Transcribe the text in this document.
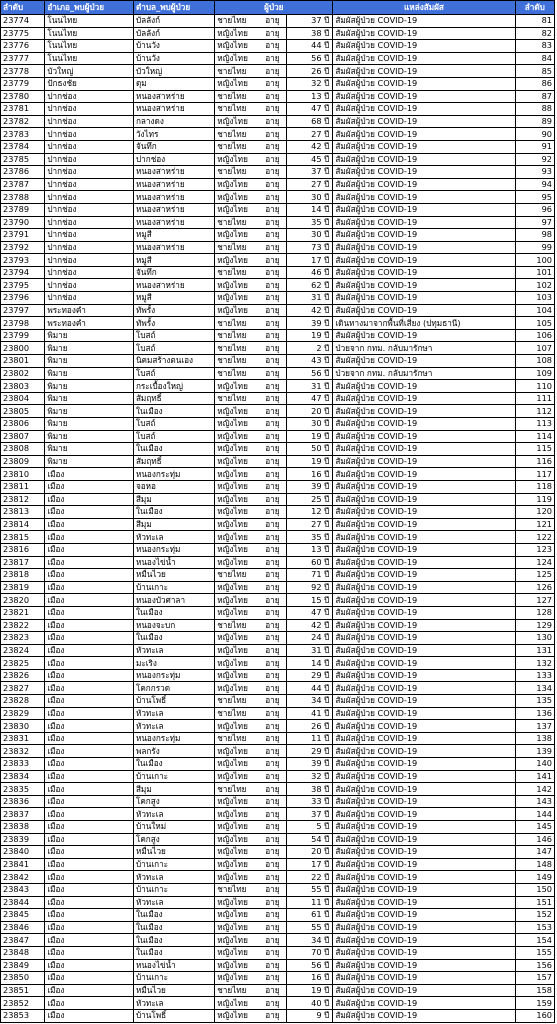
ลำดับ	อำเภอ_พบผู้ป่วย	ตำบล_พบผู้ป่วย	ผู้ป่วย		แหล่งสัมผัส	ลำดับ
23774	โนนไทย	บัลลังก์	ชายไทย อายุ	37 ปี	สัมผัสผู้ป่วย COVID-19	81
23775	โนนไทย	บัลลังก์	หญิงไทย อายุ	38 ปี	สัมผัสผู้ป่วย COVID-19	82
23776	โนนไทย	บ้านวัง	หญิงไทย อายุ	44 ปี	สัมผัสผู้ป่วย COVID-19	83
23777	โนนไทย	บ้านวัง	หญิงไทย อายุ	56 ปี	สัมผัสผู้ป่วย COVID-19	84
23778	บัวใหญ่	บัวใหญ่	ชายไทย อายุ	26 ปี	สัมผัสผู้ป่วย COVID-19	85
23779	ปักธงชัย	ดุม	หญิงไทย อายุ	32 ปี	สัมผัสผู้ป่วย COVID-19	86
23780	ปากช่อง	หนองสาหร่าย	ชายไทย อายุ	13 ปี	สัมผัสผู้ป่วย COVID-19	87
23781	ปากช่อง	หนองสาหร่าย	ชายไทย อายุ	47 ปี	สัมผัสผู้ป่วย COVID-19	88
23782	ปากช่อง	กลางดง	หญิงไทย อายุ	68 ปี	สัมผัสผู้ป่วย COVID-19	89
23783	ปากช่อง	วังไทร	ชายไทย อายุ	27 ปี	สัมผัสผู้ป่วย COVID-19	90
23784	ปากช่อง	จันทึก	ชายไทย อายุ	42 ปี	สัมผัสผู้ป่วย COVID-19	91
23785	ปากช่อง	ปากช่อง	หญิงไทย อายุ	45 ปี	สัมผัสผู้ป่วย COVID-19	92
23786	ปากช่อง	หนองสาหร่าย	ชายไทย อายุ	37 ปี	สัมผัสผู้ป่วย COVID-19	93
23787	ปากช่อง	หนองสาหร่าย	หญิงไทย อายุ	27 ปี	สัมผัสผู้ป่วย COVID-19	94
23788	ปากช่อง	หนองสาหร่าย	หญิงไทย อายุ	30 ปี	สัมผัสผู้ป่วย COVID-19	95
23789	ปากช่อง	หนองสาหร่าย	หญิงไทย อายุ	14 ปี	สัมผัสผู้ป่วย COVID-19	96
23790	ปากช่อง	หนองสาหร่าย	ชายไทย อายุ	35 ปี	สัมผัสผู้ป่วย COVID-19	97
23791	ปากช่อง	หมูสี	หญิงไทย อายุ	30 ปี	สัมผัสผู้ป่วย COVID-19	98
23792	ปากช่อง	หนองสาหร่าย	ชายไทย อายุ	73 ปี	สัมผัสผู้ป่วย COVID-19	99
23793	ปากช่อง	หมูสี	หญิงไทย อายุ	17 ปี	สัมผัสผู้ป่วย COVID-19	100
23794	ปากช่อง	จันทึก	ชายไทย อายุ	46 ปี	สัมผัสผู้ป่วย COVID-19	101
23795	ปากช่อง	หนองสาหร่าย	หญิงไทย อายุ	62 ปี	สัมผัสผู้ป่วย COVID-19	102
23796	ปากช่อง	หมูสี	หญิงไทย อายุ	31 ปี	สัมผัสผู้ป่วย COVID-19	103
23797	พระทองคำ	ทัพรั้ง	หญิงไทย อายุ	42 ปี	สัมผัสผู้ป่วย COVID-19	104
23798	พระทองคำ	ทัพรั้ง	ชายไทย อายุ	39 ปี	เดินทางมาจากพื้นที่เสี่ยง (ปทุมธานี)	105
23799	พิมาย	โบสถ์	ชายไทย อายุ	19 ปี	สัมผัสผู้ป่วย COVID-19	106
23800	พิมาย	โบสถ์	ชายไทย อายุ	2 ปี	ป่วยจาก กทม. กลับมารักษา	107
23801	พิมาย	นิคมสร้างตนเอง	ชายไทย อายุ	43 ปี	สัมผัสผู้ป่วย COVID-19	108
23802	พิมาย	โบสถ์	ชายไทย อายุ	56 ปี	ป่วยจาก กทม. กลับมารักษา	109
23803	พิมาย	กระเบื้องใหญ่	หญิงไทย อายุ	31 ปี	สัมผัสผู้ป่วย COVID-19	110
23804	พิมาย	สัมฤทธิ์	ชายไทย อายุ	47 ปี	สัมผัสผู้ป่วย COVID-19	111
23805	พิมาย	ในเมือง	หญิงไทย อายุ	20 ปี	สัมผัสผู้ป่วย COVID-19	112
23806	พิมาย	โบสถ์	หญิงไทย อายุ	30 ปี	สัมผัสผู้ป่วย COVID-19	113
23807	พิมาย	โบสถ์	หญิงไทย อายุ	19 ปี	สัมผัสผู้ป่วย COVID-19	114
23808	พิมาย	ในเมือง	หญิงไทย อายุ	50 ปี	สัมผัสผู้ป่วย COVID-19	115
23809	พิมาย	สัมฤทธิ์	หญิงไทย อายุ	19 ปี	สัมผัสผู้ป่วย COVID-19	116
23810	เมือง	หนองกระทุ่ม	หญิงไทย อายุ	16 ปี	สัมผัสผู้ป่วย COVID-19	117
23811	เมือง	จอหอ	หญิงไทย อายุ	39 ปี	สัมผัสผู้ป่วย COVID-19	118
23812	เมือง	สีมุม	หญิงไทย อายุ	25 ปี	สัมผัสผู้ป่วย COVID-19	119
23813	เมือง	ในเมือง	หญิงไทย อายุ	12 ปี	สัมผัสผู้ป่วย COVID-19	120
23814	เมือง	สีมุม	หญิงไทย อายุ	27 ปี	สัมผัสผู้ป่วย COVID-19	121
23815	เมือง	หัวทะเล	หญิงไทย อายุ	35 ปี	สัมผัสผู้ป่วย COVID-19	122
23816	เมือง	หนองกระทุ่ม	หญิงไทย อายุ	13 ปี	สัมผัสผู้ป่วย COVID-19	123
23817	เมือง	หนองไข่น้ำ	หญิงไทย อายุ	60 ปี	สัมผัสผู้ป่วย COVID-19	124
23818	เมือง	หมื่นไวย	ชายไทย อายุ	71 ปี	สัมผัสผู้ป่วย COVID-19	125
23819	เมือง	บ้านเกาะ	หญิงไทย อายุ	92 ปี	สัมผัสผู้ป่วย COVID-19	126
23820	เมือง	หนองบัวศาลา	หญิงไทย อายุ	15 ปี	สัมผัสผู้ป่วย COVID-19	127
23821	เมือง	ในเมือง	หญิงไทย อายุ	47 ปี	สัมผัสผู้ป่วย COVID-19	128
23822	เมือง	หนองจะบก	ชายไทย อายุ	42 ปี	สัมผัสผู้ป่วย COVID-19	129
23823	เมือง	ในเมือง	หญิงไทย อายุ	24 ปี	สัมผัสผู้ป่วย COVID-19	130
23824	เมือง	หัวทะเล	หญิงไทย อายุ	31 ปี	สัมผัสผู้ป่วย COVID-19	131
23825	เมือง	มะเริง	หญิงไทย อายุ	14 ปี	สัมผัสผู้ป่วย COVID-19	132
23826	เมือง	หนองกระทุ่ม	หญิงไทย อายุ	29 ปี	สัมผัสผู้ป่วย COVID-19	133
23827	เมือง	โคกกรวด	หญิงไทย อายุ	44 ปี	สัมผัสผู้ป่วย COVID-19	134
23828	เมือง	บ้านโพธิ์	ชายไทย อายุ	34 ปี	สัมผัสผู้ป่วย COVID-19	135
23829	เมือง	หัวทะเล	ชายไทย อายุ	41 ปี	สัมผัสผู้ป่วย COVID-19	136
23830	เมือง	หัวทะเล	หญิงไทย อายุ	26 ปี	สัมผัสผู้ป่วย COVID-19	137
23831	เมือง	หนองกระทุ่ม	ชายไทย อายุ	11 ปี	สัมผัสผู้ป่วย COVID-19	138
23832	เมือง	พลกรัง	หญิงไทย อายุ	29 ปี	สัมผัสผู้ป่วย COVID-19	139
23833	เมือง	ในเมือง	หญิงไทย อายุ	39 ปี	สัมผัสผู้ป่วย COVID-19	140
23834	เมือง	บ้านเกาะ	หญิงไทย อายุ	32 ปี	สัมผัสผู้ป่วย COVID-19	141
23835	เมือง	สีมุม	ชายไทย อายุ	38 ปี	สัมผัสผู้ป่วย COVID-19	142
23836	เมือง	โคกสูง	หญิงไทย อายุ	33 ปี	สัมผัสผู้ป่วย COVID-19	143
23837	เมือง	หัวทะเล	หญิงไทย อายุ	37 ปี	สัมผัสผู้ป่วย COVID-19	144
23838	เมือง	บ้านใหม่	หญิงไทย อายุ	5 ปี	สัมผัสผู้ป่วย COVID-19	145
23839	เมือง	โคกสูง	หญิงไทย อายุ	54 ปี	สัมผัสผู้ป่วย COVID-19	146
23840	เมือง	หมื่นไวย	หญิงไทย อายุ	20 ปี	สัมผัสผู้ป่วย COVID-19	147
23841	เมือง	บ้านเกาะ	หญิงไทย อายุ	17 ปี	สัมผัสผู้ป่วย COVID-19	148
23842	เมือง	หัวทะเล	หญิงไทย อายุ	22 ปี	สัมผัสผู้ป่วย COVID-19	149
23843	เมือง	บ้านเกาะ	ชายไทย อายุ	55 ปี	สัมผัสผู้ป่วย COVID-19	150
23844	เมือง	หัวทะเล	หญิงไทย อายุ	11 ปี	สัมผัสผู้ป่วย COVID-19	151
23845	เมือง	ในเมือง	หญิงไทย อายุ	61 ปี	สัมผัสผู้ป่วย COVID-19	152
23846	เมือง	ในเมือง	หญิงไทย อายุ	55 ปี	สัมผัสผู้ป่วย COVID-19	153
23847	เมือง	ในเมือง	หญิงไทย อายุ	34 ปี	สัมผัสผู้ป่วย COVID-19	154
23848	เมือง	ในเมือง	หญิงไทย อายุ	70 ปี	สัมผัสผู้ป่วย COVID-19	155
23849	เมือง	หนองไข่น้ำ	หญิงไทย อายุ	56 ปี	สัมผัสผู้ป่วย COVID-19	156
23850	เมือง	บ้านเกาะ	หญิงไทย อายุ	16 ปี	สัมผัสผู้ป่วย COVID-19	157
23851	เมือง	หมื่นไวย	ชายไทย อายุ	19 ปี	สัมผัสผู้ป่วย COVID-19	158
23852	เมือง	หัวทะเล	หญิงไทย อายุ	40 ปี	สัมผัสผู้ป่วย COVID-19	159
23853	เมือง	บ้านโพธิ์	หญิงไทย อายุ	9 ปี	สัมผัสผู้ป่วย COVID-19	160
